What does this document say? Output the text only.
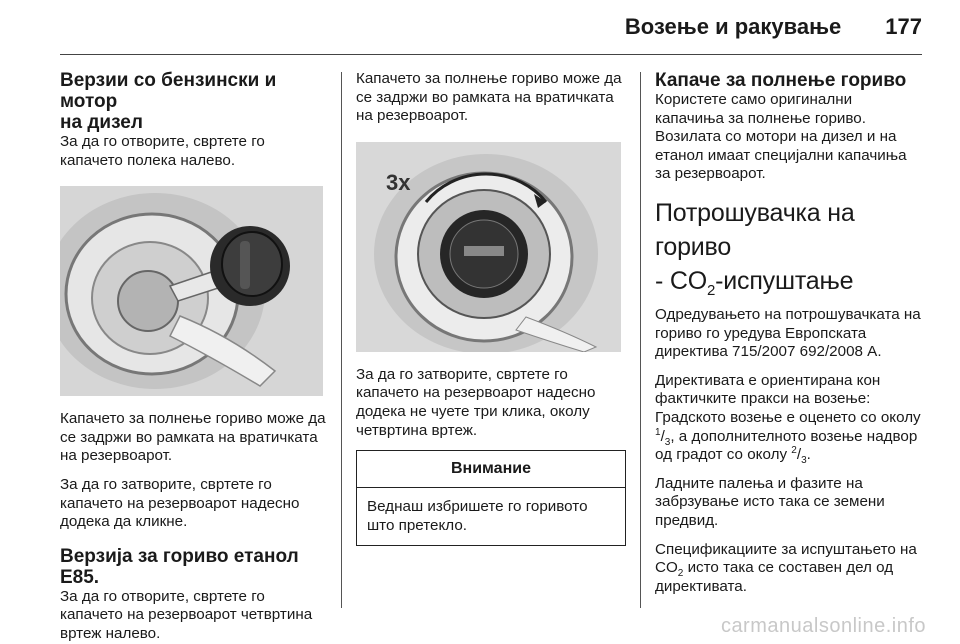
Возење и ракување 177
Верзии со бензински и мотор
на дизел

За да го отворите, свртете го капачето полека налево.

Капачето за полнење гориво може да се задржи во рамката на вратичката на резервоарот.

За да го затворите, свртете го капачето на резервоарот надесно додека да кликне.

Верзија за гориво етанол E85.

За да го отворите, свртете го капачето на резервоарот четвртина вртеж налево.

Капачето за полнење гориво може да се задржи во рамката на вратичката на резервоарот.

3x

За да го затворите, свртете го капачето на резервоарот надесно додека не чуете три клика, околу четвртина вртеж.

Внимание
Веднаш избришете го горивото што претекло.
Капаче за полнење гориво

Користете само оригинални капачиња за полнење гориво. Возилата со мотори на дизел и на етанол имаат специјални капачиња за резервоарот.

Потрошувачка на гориво
- $CO_2$-испуштање

Одредувањето на потрошувачката на гориво го уредува Европската директива 715/2007 692/2008 A.

Директивата е ориентирана кон фактичките пракси на возење: Градското возење е оценето со околу $^1/_3$, а дополнителното возење надвор од градот со околу $^2/_3$.

Ладните палења и фазите на забрзување исто така се земени предвид.

Спецификациите за испуштањето на $CO_2$ исто така се составен дел од директивата.

carmanualsonline.info
